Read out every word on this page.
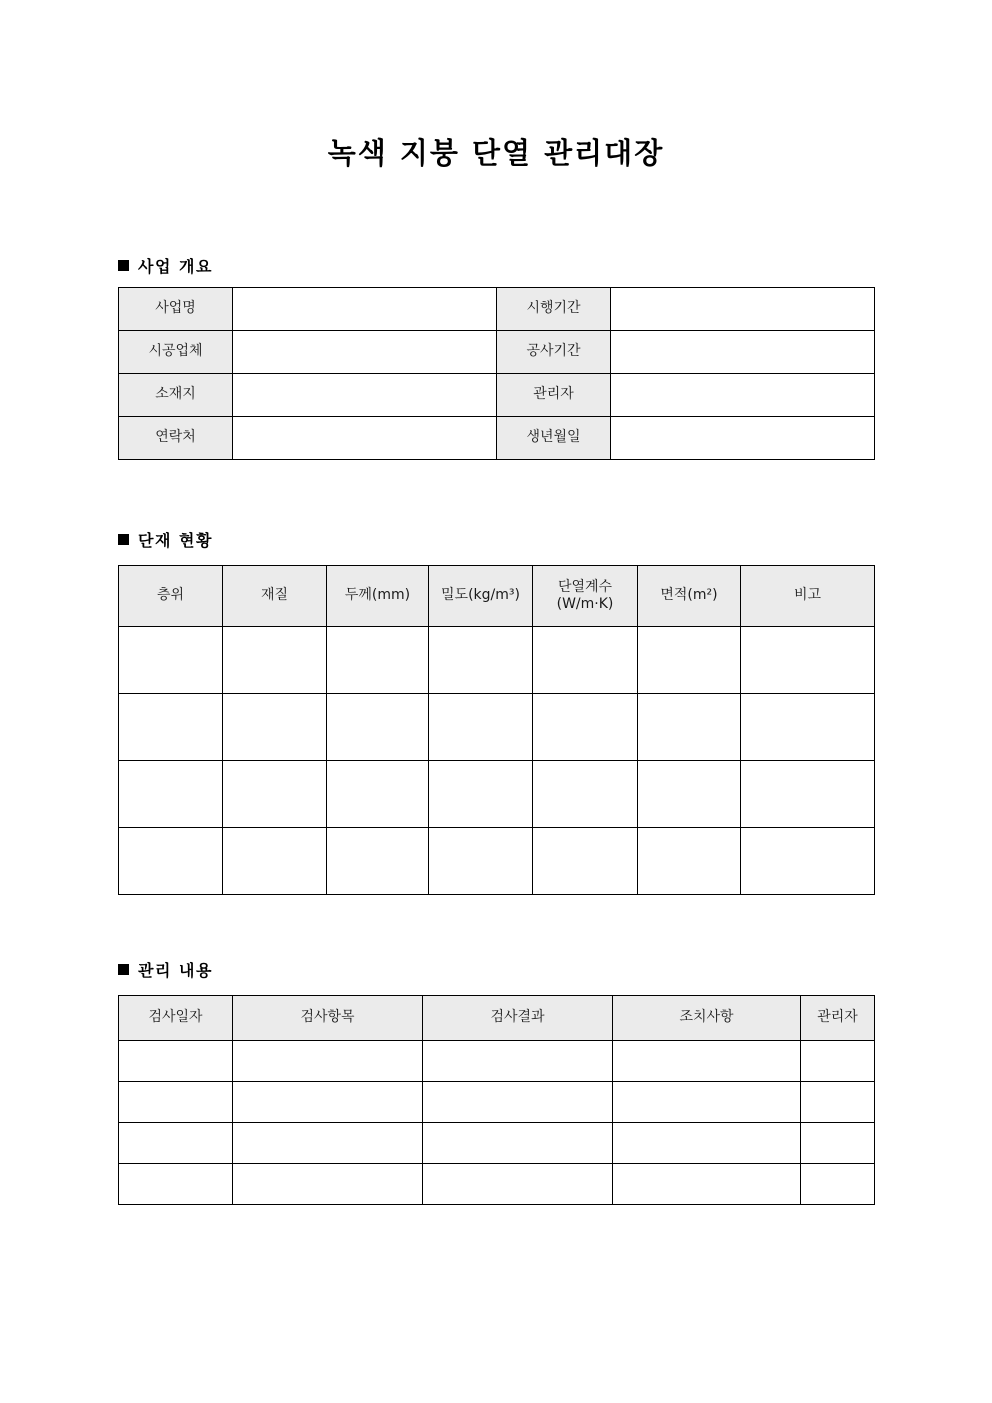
녹색 지붕 단열 관리대장
사업 개요
사업명		시행기간	
시공업체		공사기간	
소재지		관리자	
연락처		생년월일	
단재 현황
층위	재질	두께(mm)	밀도(kg/m³)	단열계수(W/m·K)	면적(m²)	비고

관리 내용
검사일자	검사항목	검사결과	조치사항	관리자
